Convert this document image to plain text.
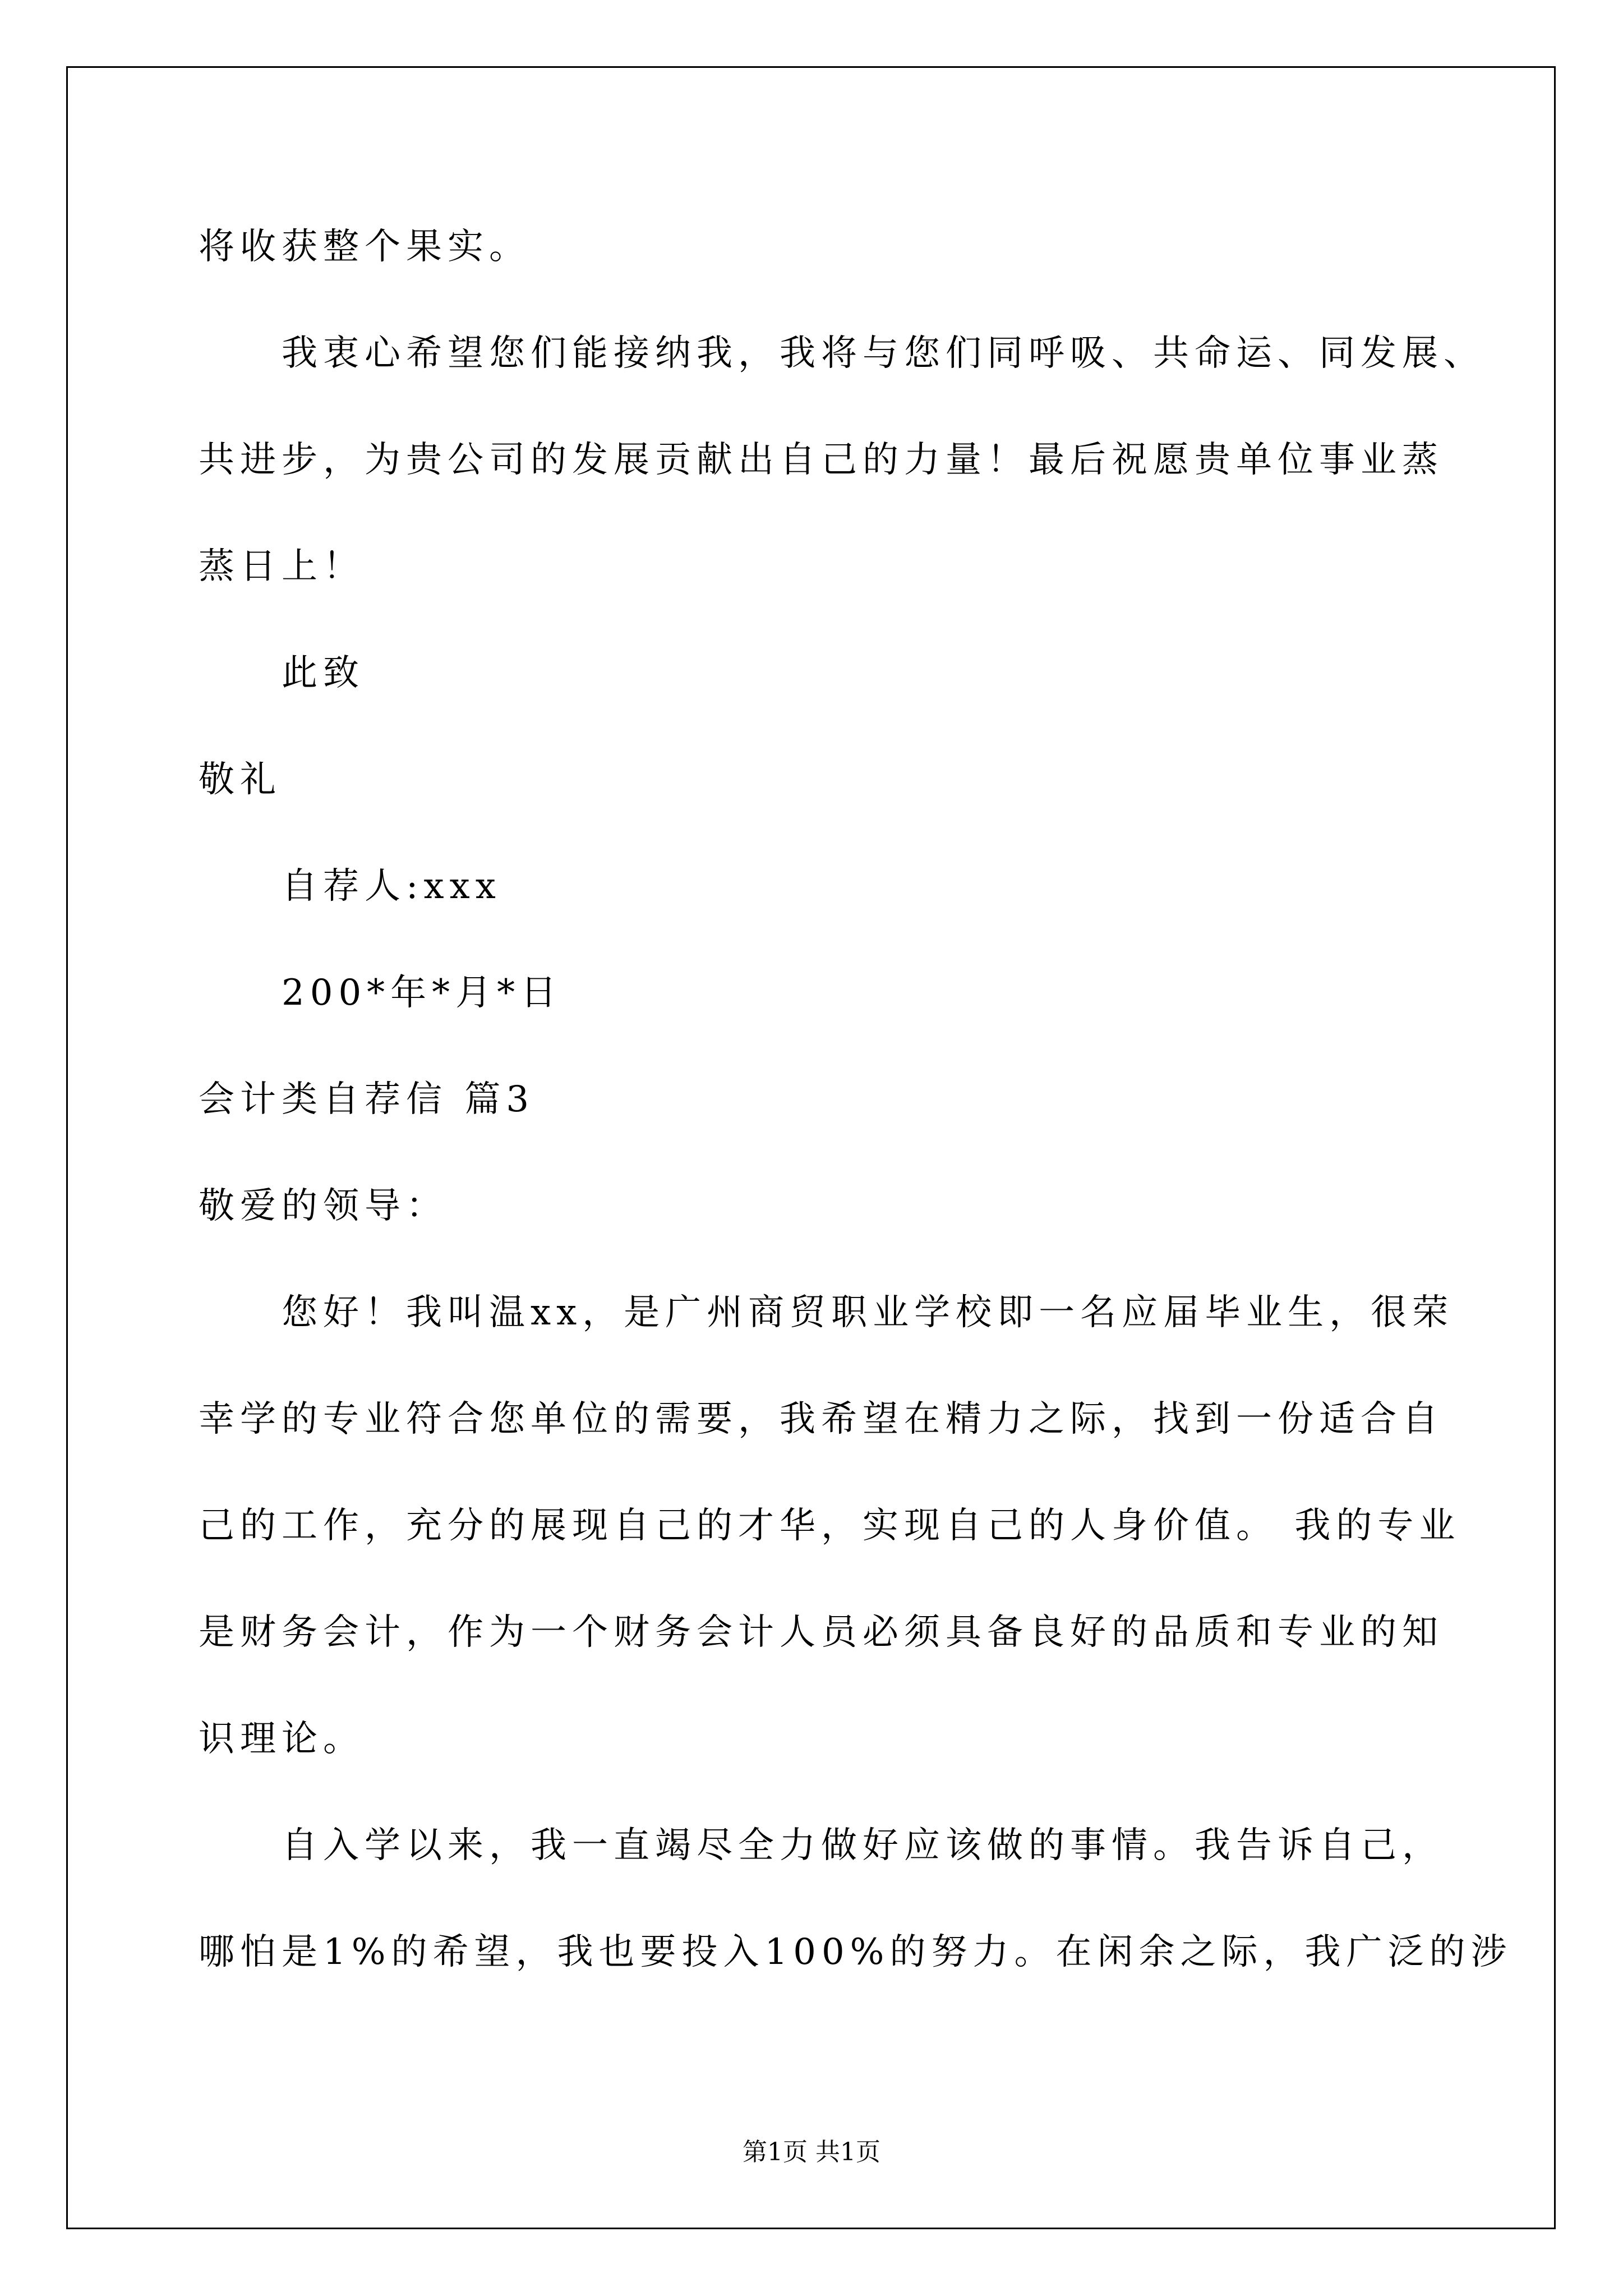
将收获整个果实。
我衷心希望您们能接纳我，我将与您们同呼吸、共命运、同发展、
共进步，为贵公司的发展贡献出自己的力量！最后祝愿贵单位事业蒸
蒸日上！
此致
敬礼
自荐人:xxx
200*年*月*日
会计类自荐信 篇3
敬爱的领导：
您好！我叫温xx，是广州商贸职业学校即一名应届毕业生，很荣
幸学的专业符合您单位的需要，我希望在精力之际，找到一份适合自
己的工作，充分的展现自己的才华，实现自己的人身价值。 我的专业
是财务会计，作为一个财务会计人员必须具备良好的品质和专业的知
识理论。
自入学以来，我一直竭尽全力做好应该做的事情。我告诉自己，
哪怕是1%的希望，我也要投入100%的努力。在闲余之际，我广泛的涉
第1页 共1页
